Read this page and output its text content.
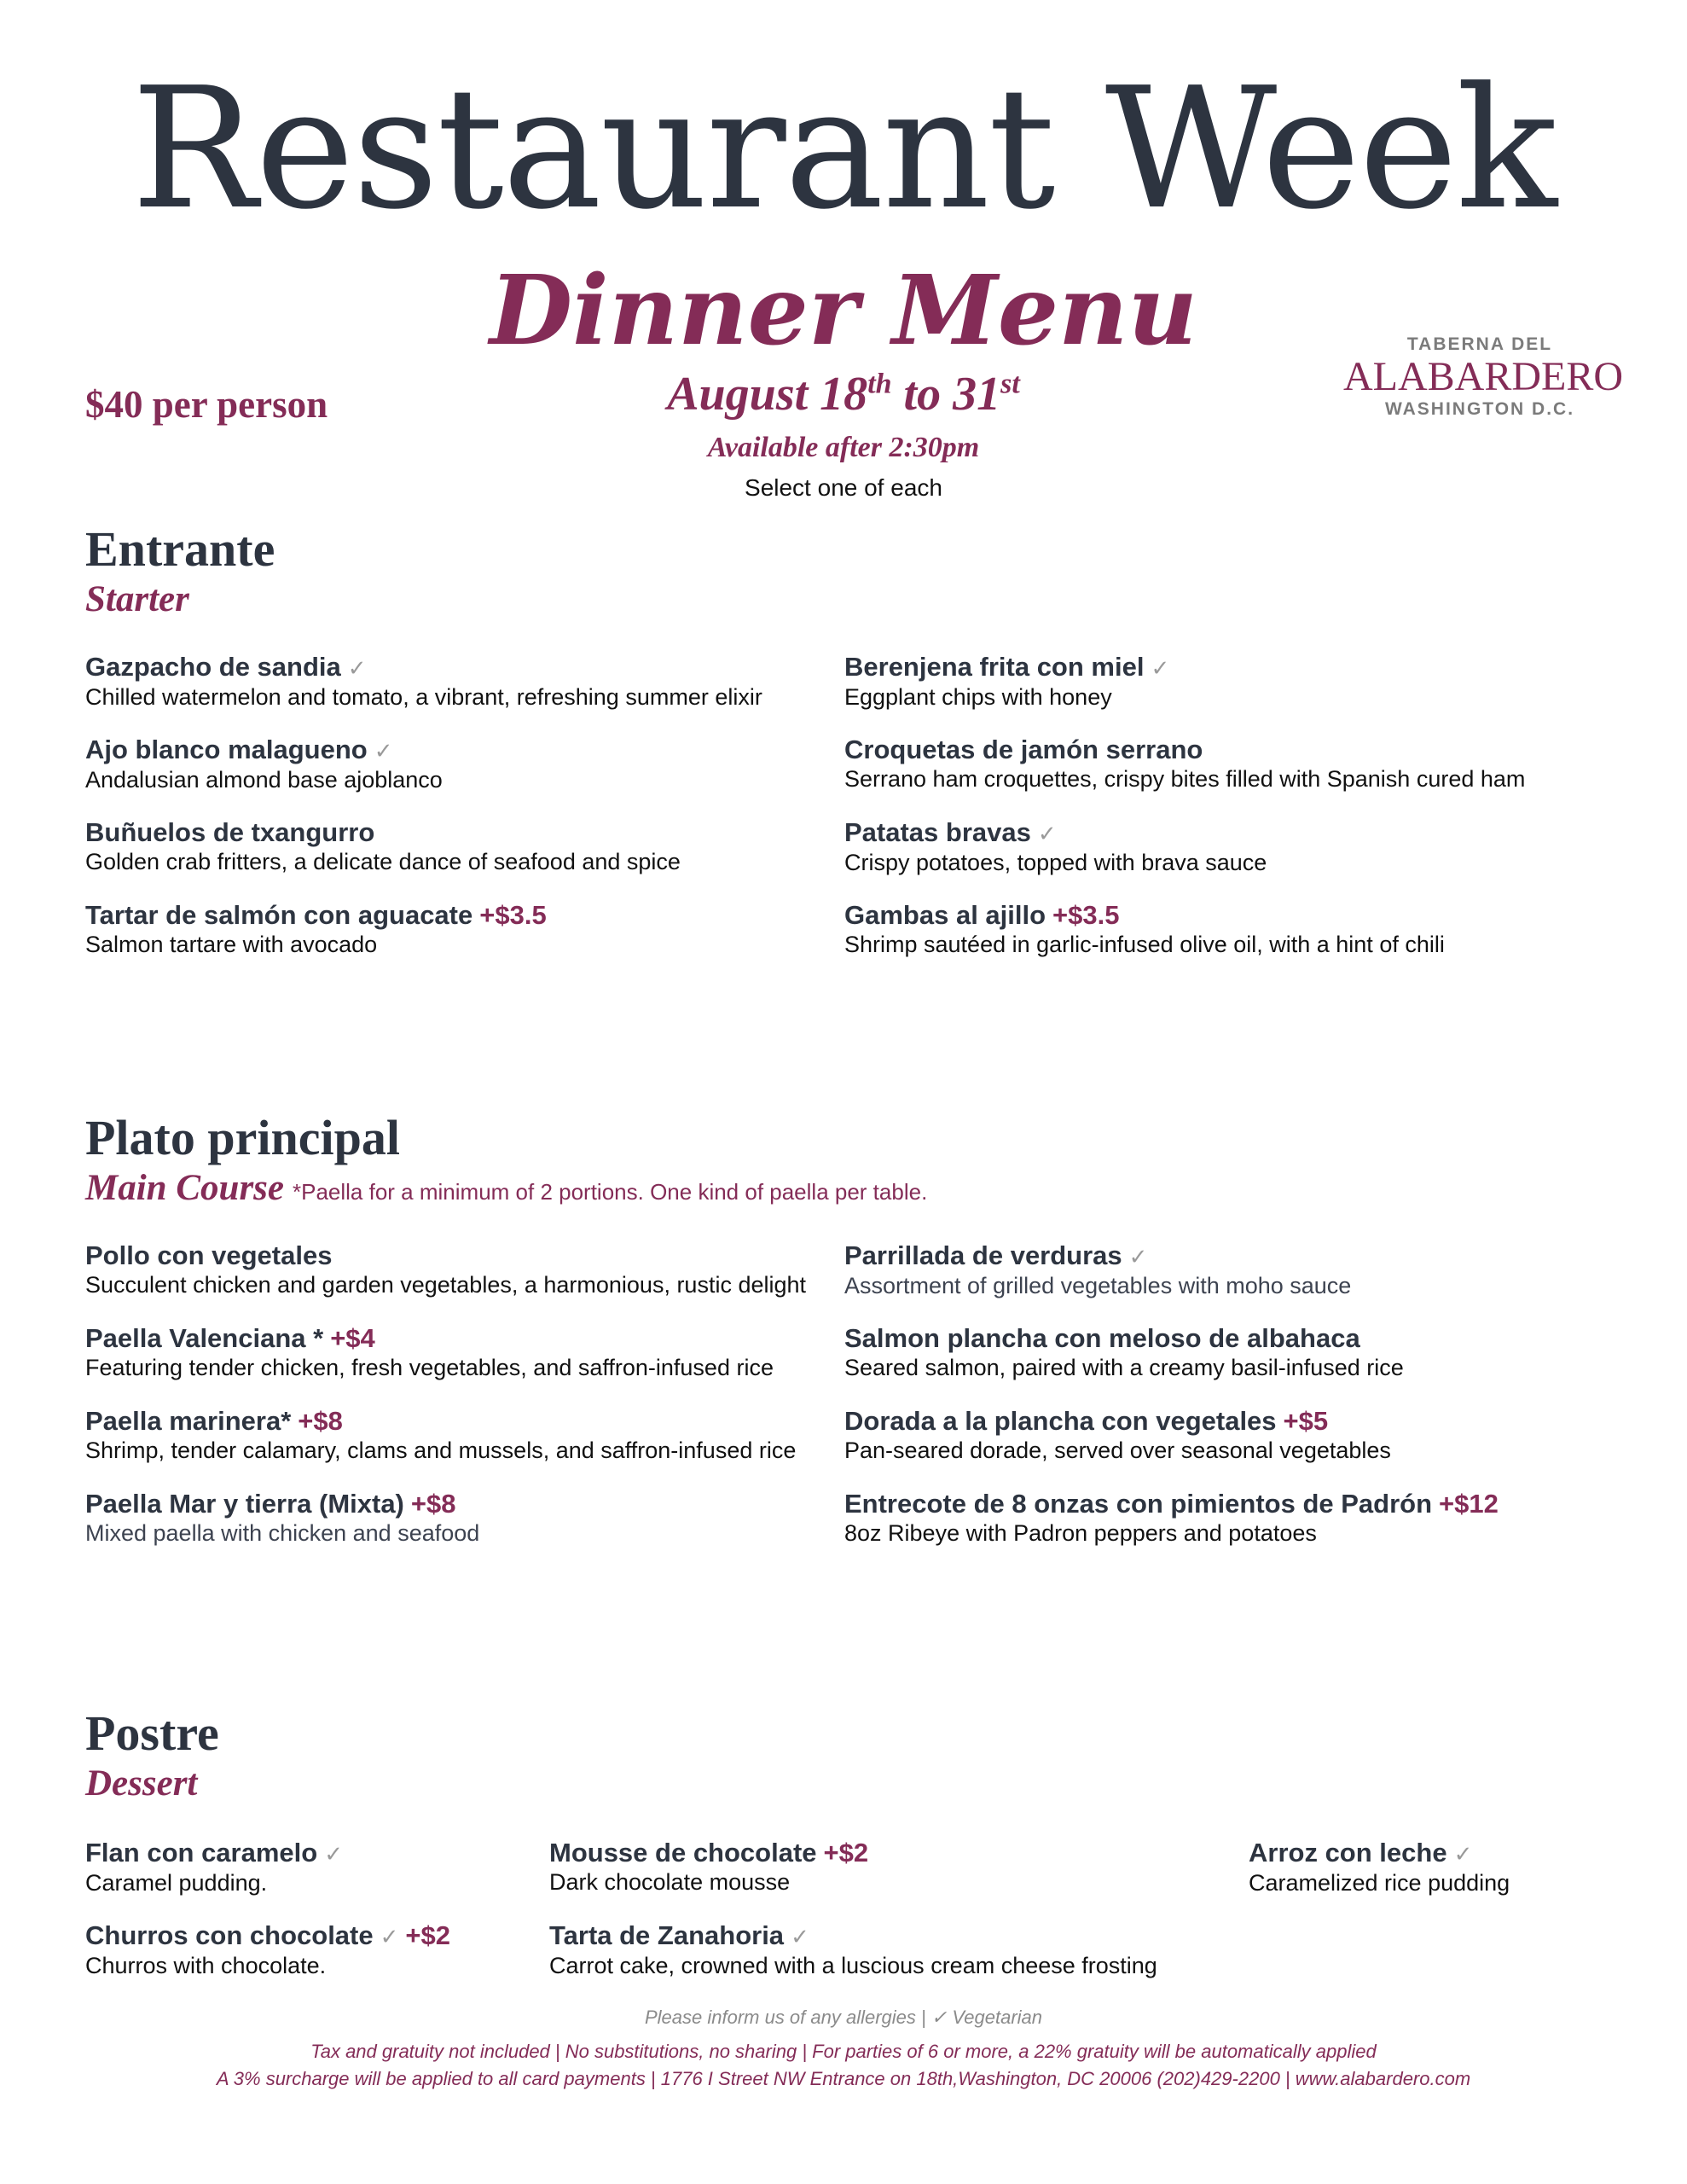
Restaurant Week
Dinner Menu
$40 per person	August 18th to 31st
Available after 2:30pm
Select one of each
TABERNA DEL
ALABARDERO
WASHINGTON D.C.
Entrante
Starter
Gazpacho de sandia ✓
Chilled watermelon and tomato, a vibrant, refreshing summer elixir
Ajo blanco malagueno ✓
Andalusian almond base ajoblanco
Buñuelos de txangurro
Golden crab fritters, a delicate dance of seafood and spice
Tartar de salmón con aguacate +$3.5
Salmon tartare with avocado
Berenjena frita con miel ✓
Eggplant chips with honey
Croquetas de jamón serrano
Serrano ham croquettes, crispy bites filled with Spanish cured ham
Patatas bravas ✓
Crispy potatoes, topped with brava sauce
Gambas al ajillo +$3.5
Shrimp sautéed in garlic-infused olive oil, with a hint of chili
Plato principal
Main Course *Paella for a minimum of 2 portions. One kind of paella per table.
Pollo con vegetales
Succulent chicken and garden vegetables, a harmonious, rustic delight
Paella Valenciana * +$4
Featuring tender chicken, fresh vegetables, and saffron-infused rice
Paella marinera* +$8
Shrimp, tender calamary, clams and mussels, and saffron-infused rice
Paella Mar y tierra (Mixta) +$8
Mixed paella with chicken and seafood
Parrillada de verduras ✓
Assortment of grilled vegetables with moho sauce
Salmon plancha con meloso de albahaca
Seared salmon, paired with a creamy basil-infused rice
Dorada a la plancha con vegetales +$5
Pan-seared dorade, served over seasonal vegetables
Entrecote de 8 onzas con pimientos de Padrón +$12
8oz Ribeye with Padron peppers and potatoes
Postre
Dessert
Flan con caramelo ✓
Caramel pudding.
Churros con chocolate ✓ +$2
Churros with chocolate.
Mousse de chocolate +$2
Dark chocolate mousse
Tarta de Zanahoria ✓
Carrot cake, crowned with a luscious cream cheese frosting
Arroz con leche ✓
Caramelized rice pudding
Please inform us of any allergies | ✓ Vegetarian
Tax and gratuity not included | No substitutions, no sharing | For parties of 6 or more, a 22% gratuity will be automatically applied
A 3% surcharge will be applied to all card payments | 1776 I Street NW Entrance on 18th,Washington, DC 20006 (202)429-2200 | www.alabardero.com
